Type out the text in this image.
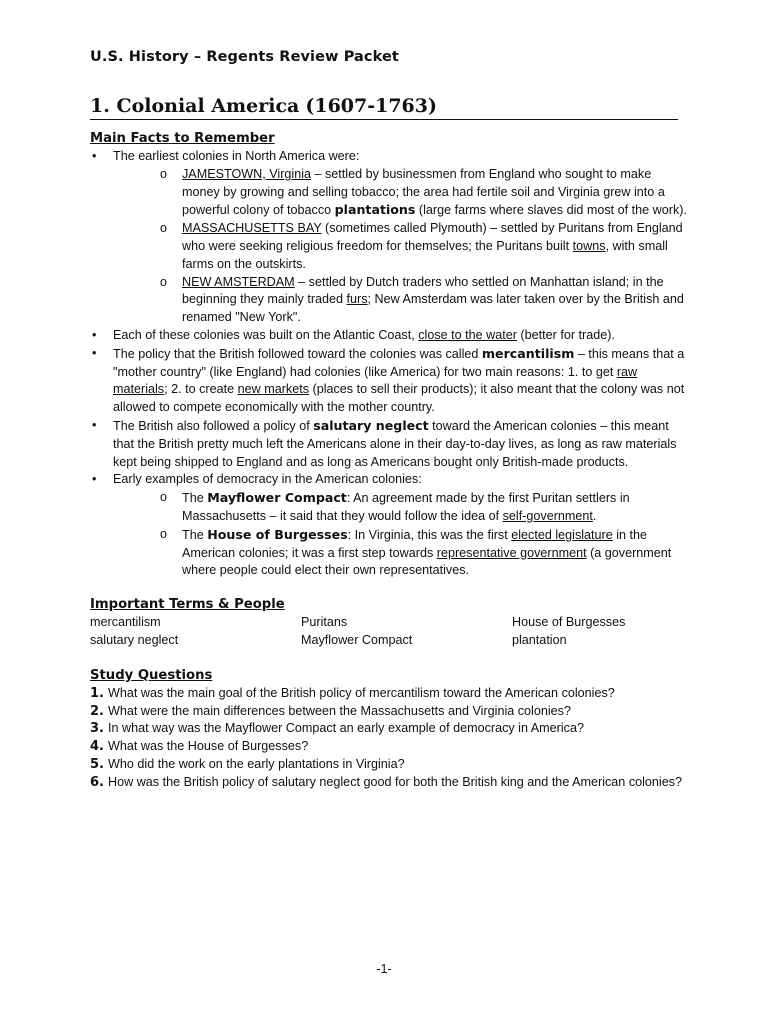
U.S. History – Regents Review Packet
1. Colonial America (1607-1763)
Main Facts to Remember
• The earliest colonies in North America were:
o JAMESTOWN, Virginia – settled by businessmen from England who sought to make money by growing and selling tobacco; the area had fertile soil and Virginia grew into a powerful colony of tobacco plantations (large farms where slaves did most of the work).
o MASSACHUSETTS BAY (sometimes called Plymouth) – settled by Puritans from England who were seeking religious freedom for themselves; the Puritans built towns, with small farms on the outskirts.
o NEW AMSTERDAM – settled by Dutch traders who settled on Manhattan island; in the beginning they mainly traded furs; New Amsterdam was later taken over by the British and renamed "New York".
• Each of these colonies was built on the Atlantic Coast, close to the water (better for trade).
• The policy that the British followed toward the colonies was called mercantilism – this means that a "mother country" (like England) had colonies (like America) for two main reasons: 1. to get raw materials; 2. to create new markets (places to sell their products); it also meant that the colony was not allowed to compete economically with the mother country.
• The British also followed a policy of salutary neglect toward the American colonies – this meant that the British pretty much left the Americans alone in their day-to-day lives, as long as raw materials kept being shipped to England and as long as Americans bought only British-made products.
• Early examples of democracy in the American colonies:
o The Mayflower Compact: An agreement made by the first Puritan settlers in Massachusetts – it said that they would follow the idea of self-government.
o The House of Burgesses: In Virginia, this was the first elected legislature in the American colonies; it was a first step towards representative government (a government where people could elect their own representatives.
Important Terms & People
mercantilism	Puritans	House of Burgesses
salutary neglect	Mayflower Compact	plantation
Study Questions
1. What was the main goal of the British policy of mercantilism toward the American colonies?
2. What were the main differences between the Massachusetts and Virginia colonies?
3. In what way was the Mayflower Compact an early example of democracy in America?
4. What was the House of Burgesses?
5. Who did the work on the early plantations in Virginia?
6. How was the British policy of salutary neglect good for both the British king and the American colonies?
-1-
